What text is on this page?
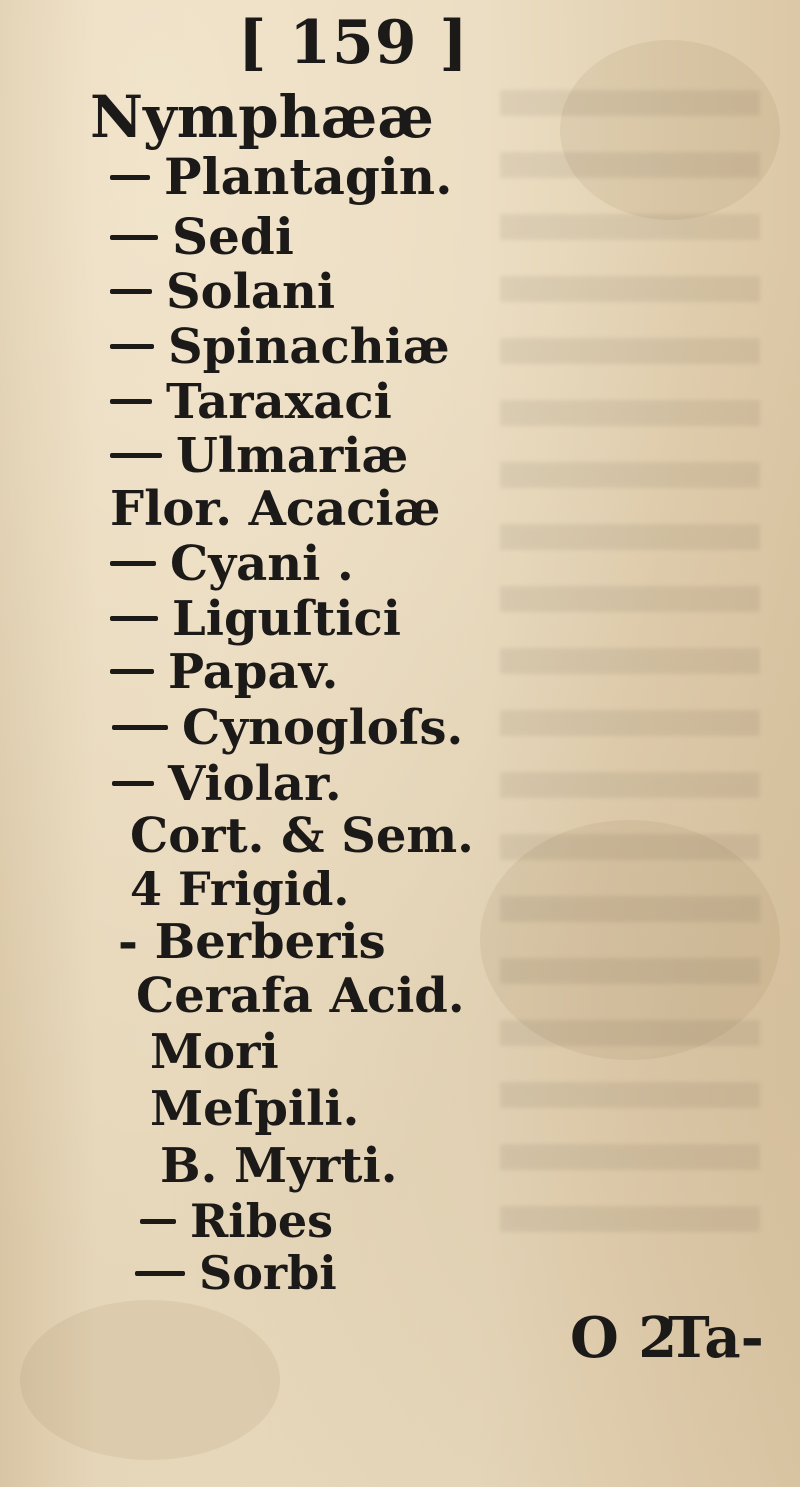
[ 159 ]
Nymphææ
Plantagin.
Sedi
Solani
Spinachiæ
Taraxaci
Ulmariæ
Flor. Acaciæ
Cyani .
Liguſtici
Papav.
Cynogloſs.
Violar.
Cort. & Sem.
4 Frigid.
- Berberis
Cerafa Acid.
Mori
Meſpili.
B. Myrti.
Ribes
Sorbi
O 2
Ta-
